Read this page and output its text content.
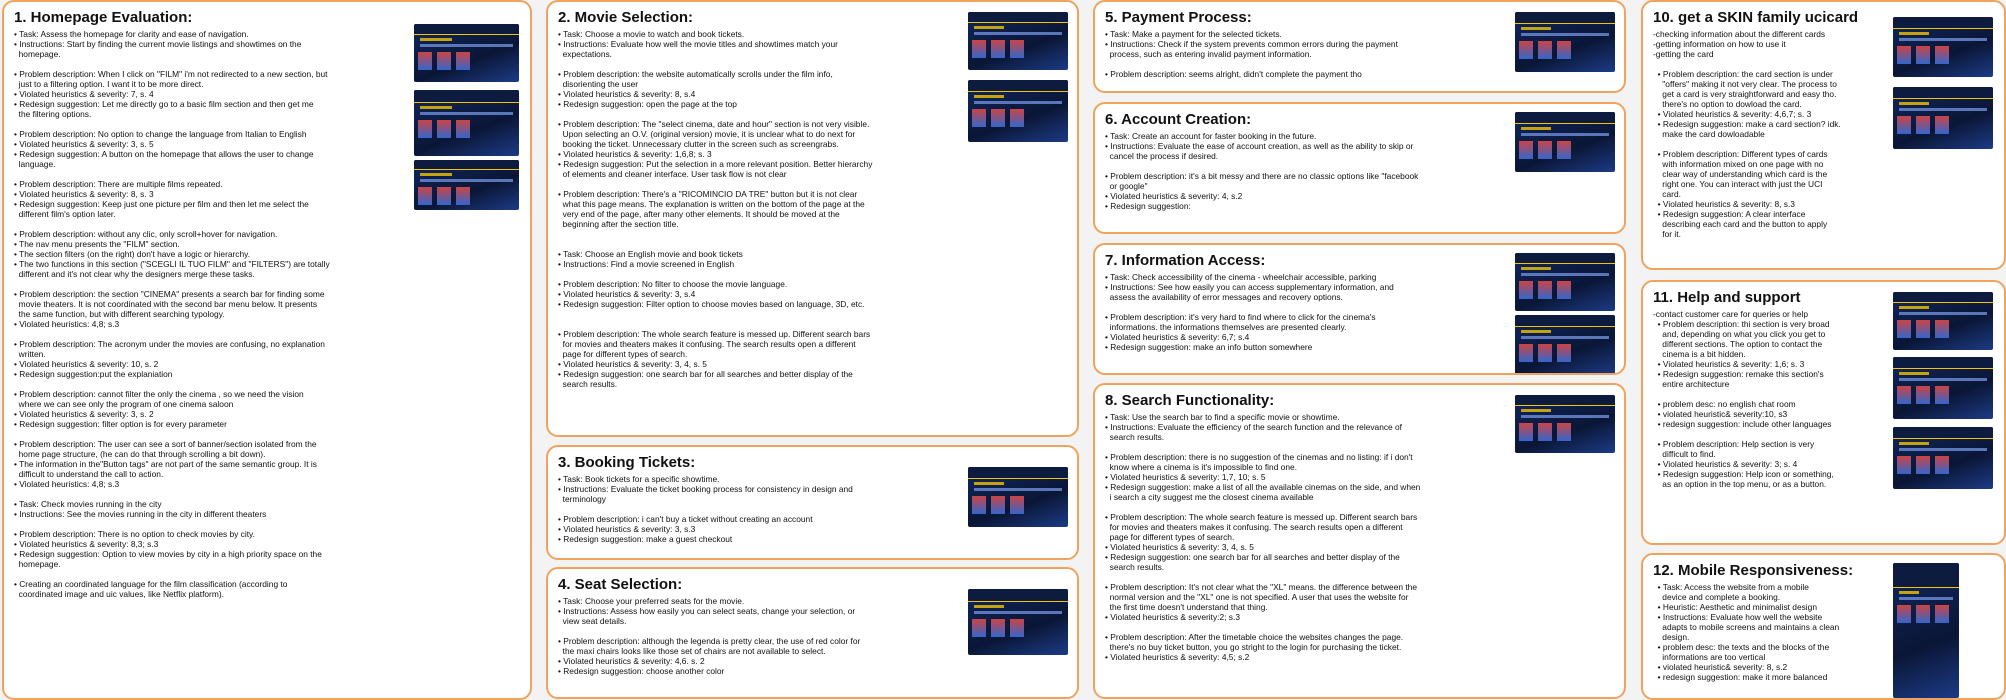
1. Homepage Evaluation:

• Task: Assess the homepage for clarity and ease of navigation.

• Instructions: Start by finding the current movie listings and showtimes on the

homepage.

• Problem description: When I click on "FILM" i'm not redirected to a new section, but

just to a filtering option. I want it to be more direct.

• Violated heuristics & severity: 7, s. 4

• Redesign suggestion: Let me directly go to a basic film section and then get me

the filtering options.

• Problem description: No option to change the language from Italian to English

• Violated heuristics & severity: 3, s. 5

• Redesign suggestion: A button on the homepage that allows the user to change

language.

• Problem description: There are multiple films repeated.

• Violated heuristics & severity: 8, s. 3

• Redesign suggestion: Keep just one picture per film and then let me select the

different film's option later.

• Problem description: without any clic, only scroll+hover for navigation.

• The nav menu presents the "FILM" section.

• The section filters (on the right) don't have a logic or hierarchy.

• The two functions in this section ("SCEGLI IL TUO FILM" and "FILTERS") are totally

different and it's not clear why the designers merge these tasks.

• Problem description: the section "CINEMA" presents a search bar for finding some

movie theaters. It is not coordinated with the second bar menu below. It presents

the same function, but with different searching typology.

• Violated heuristics: 4,8; s.3

• Problem description: The acronym under the movies are confusing, no explanation

written.

• Violated heuristics & severity: 10, s. 2

• Redesign suggestion:put the explaniation

• Problem description: cannot filter the only the cinema , so we need the vision

where we can see only the program of one cinema saloon

• Violated heuristics & severity: 3, s. 2

• Redesign suggestion: filter option is for every parameter

• Problem description: The user can see a sort of banner/section isolated from the

home page structure, (he can do that through scrolling a bit down).

• The information in the"Button tags" are not part of the same semantic group. It is

difficult to understand the call to action.

• Violated heuristics: 4,8; s.3

• Task: Check movies running in the city

• Instructions: See the movies running in the city in different theaters

• Problem description: There is no option to check movies by city.

• Violated heuristics & severity: 8,3; s.3

• Redesign suggestion: Option to view movies by city in a high priority space on the

homepage.

• Creating an coordinated language for the film classification (according to

coordinated image and uic values, like Netflix platform).

2. Movie Selection:

• Task: Choose a movie to watch and book tickets.

• Instructions: Evaluate how well the movie titles and showtimes match your

expectations.

• Problem description: the website automatically scrolls under the film info,

disorienting the user

• Violated heuristics & severity: 8, s.4

• Redesign suggestion: open the page at the top

• Problem description: The "select cinema, date and hour" section is not very visible.

Upon selecting an O.V. (original version) movie, it is unclear what to do next for

booking the ticket. Unnecessary clutter in the screen such as screengrabs.

• Violated heuristics & severity: 1,6,8; s. 3

• Redesign suggestion: Put the selection in a more relevant position. Better hierarchy

of elements and cleaner interface. User task flow is not clear

• Problem description: There's a "RICOMINCIO DA TRE" button but it is not clear

what this page means. The explanation is written on the bottom of the page at the

very end of the page, after many other elements. It should be moved at the

beginning after the section title.

• Task: Choose an English movie and book tickets

• Instructions: Find a movie screened in English

• Problem description: No filter to choose the movie language.

• Violated heuristics & severity: 3, s.4

• Redesign suggestion: Filter option to choose movies based on language, 3D, etc.

• Problem description: The whole search feature is messed up. Different search bars

for movies and theaters makes it confusing. The search results open a different

page for different types of search.

• Violated heuristics & severity: 3, 4, s. 5

• Redesign suggestion: one search bar for all searches and better display of the

search results.

3. Booking Tickets:

• Task: Book tickets for a specific showtime.

• Instructions: Evaluate the ticket booking process for consistency in design and

terminology

• Problem description: i can't buy a ticket without creating an account

• Violated heuristics & severity: 3, s.3

• Redesign suggestion: make a guest checkout

4. Seat Selection:

• Task: Choose your preferred seats for the movie.

• Instructions: Assess how easily you can select seats, change your selection, or

view seat details.

• Problem description: although the legenda is pretty clear, the use of red color for

the maxi chairs looks like those set of chairs are not available to select.

• Violated heuristics & severity: 4,6. s. 2

• Redesign suggestion: choose another color

5. Payment Process:

• Task: Make a payment for the selected tickets.

• Instructions: Check if the system prevents common errors during the payment

process, such as entering invalid payment information.

• Problem description: seems alright, didn't complete the payment tho

6. Account Creation:

• Task: Create an account for faster booking in the future.

• Instructions: Evaluate the ease of account creation, as well as the ability to skip or

cancel the process if desired.

• Problem description: it's a bit messy and there are no classic options like "facebook

or google"

• Violated heuristics & severity: 4, s.2

• Redesign suggestion:

7. Information Access:

• Task: Check accessibility of the cinema - wheelchair accessible, parking

• Instructions: See how easily you can access supplementary information, and

assess the availability of error messages and recovery options.

• Problem description: it's very hard to find where to click for the cinema's

informations. the informations themselves are presented clearly.

• Violated heuristics & severity: 6,7; s.4

• Redesign suggestion: make an info button somewhere

8. Search Functionality:

• Task: Use the search bar to find a specific movie or showtime.

• Instructions: Evaluate the efficiency of the search function and the relevance of

search results.

• Problem description: there is no suggestion of the cinemas and no listing: if i don't

know where a cinema is it's impossible to find one.

• Violated heuristics & severity: 1,7, 10; s. 5

• Redesign suggestion: make a list of all the available cinemas on the side, and when

i search a city suggest me the closest cinema available

• Problem description: The whole search feature is messed up. Different search bars

for movies and theaters makes it confusing. The search results open a different

page for different types of search.

• Violated heuristics & severity: 3, 4, s. 5

• Redesign suggestion: one search bar for all searches and better display of the

search results.

• Problem description: It's not clear what the "XL" means. the difference between the

normal version and the "XL" one is not specified. A user that uses the website for

the first time doesn't understand that thing.

• Violated heuristics & severity:2; s.3

• Problem description: After the timetable choice the websites changes the page.

there's no buy ticket button, you go stright to the login for purchasing the ticket.

• Violated heuristics & severity: 4,5; s.2

10. get a SKIN family ucicard

-checking information about the different cards

-getting information on how to use it

-getting the card

• Problem description: the card section is under

"offers" making it not very clear. The process to

get a card is very straightforward and easy tho.

there's no option to dowload the card.

• Violated heuristics & severity: 4,6,7; s. 3

• Redesign suggestion: make a card section? idk.

make the card dowloadable

• Problem description: Different types of cards

with information mixed on one page with no

clear way of understanding which card is the

right one. You can interact with just the UCI

card.

• Violated heuristics & severity: 8, s.3

• Redesign suggestion: A clear interface

describing each card and the button to apply

for it.

11. Help and support

-contact customer care for queries or help

• Problem description: thi section is very broad

and, depending on what you click you get to

different sections. The option to contact the

cinema is a bit hidden.

• Violated heuristics & severity: 1,6; s. 3

• Redesign suggestion: remake this section's

entire architecture

• problem desc: no english chat room

• violated heuristic& severity:10, s3

• redesign suggestion: include other languages

• Problem description: Help section is very

difficult to find.

• Violated heuristics & severity: 3; s. 4

• Redesign suggestion: Help icon or something,

as an option in the top menu, or as a button.

12. Mobile Responsiveness:

• Task: Access the website from a mobile

device and complete a booking.

• Heuristic: Aesthetic and minimalist design

• Instructions: Evaluate how well the website

adapts to mobile screens and maintains a clean

design.

• problem desc: the texts and the blocks of the

informations are too vertical

• violated heuristic& severity: 8, s.2

• redesign suggestion: make it more balanced
